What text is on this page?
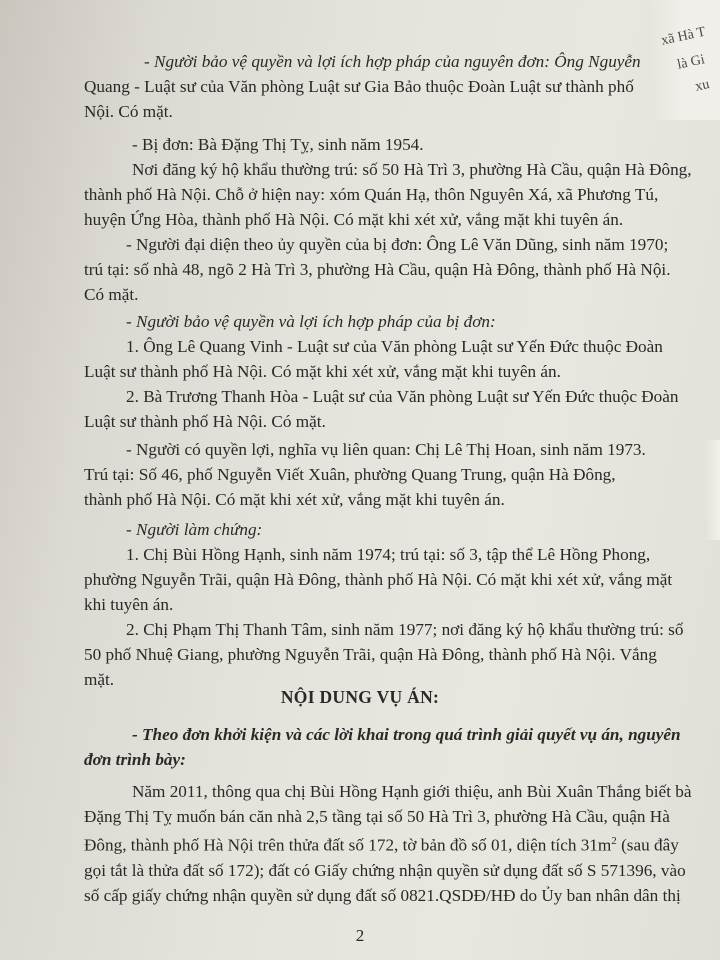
xã Hà T
là Gi
xu
- Người bảo vệ quyền và lợi ích hợp pháp của nguyên đơn: Ông Nguyễn
Quang - Luật sư của Văn phòng Luật sư Gia Bảo thuộc Đoàn Luật sư thành phố
Nội. Có mặt.
- Bị đơn: Bà Đặng Thị Tỵ, sinh năm 1954.
Nơi đăng ký hộ khẩu thường trú: số 50 Hà Trì 3, phường Hà Cầu, quận Hà Đông,
thành phố Hà Nội. Chỗ ở hiện nay: xóm Quán Hạ, thôn Nguyên Xá, xã Phương Tú,
huyện Ứng Hòa, thành phố Hà Nội. Có mặt khi xét xử, vắng mặt khi tuyên án.
- Người đại diện theo ủy quyền của bị đơn: Ông Lê Văn Dũng, sinh năm 1970;
trú tại: số nhà 48, ngõ 2 Hà Trì 3, phường Hà Cầu, quận Hà Đông, thành phố Hà Nội.
Có mặt.
- Người bảo vệ quyền và lợi ích hợp pháp của bị đơn:
1. Ông Lê Quang Vinh - Luật sư của Văn phòng Luật sư Yến Đức thuộc Đoàn
Luật sư thành phố Hà Nội. Có mặt khi xét xử, vắng mặt khi tuyên án.
2. Bà Trương Thanh Hòa - Luật sư của Văn phòng Luật sư Yến Đức thuộc Đoàn
Luật sư thành phố Hà Nội. Có mặt.
- Người có quyền lợi, nghĩa vụ liên quan: Chị Lê Thị Hoan, sinh năm 1973.
Trú tại: Số 46, phố Nguyễn Viết Xuân, phường Quang Trung, quận Hà Đông,
thành phố Hà Nội. Có mặt khi xét xử, vắng mặt khi tuyên án.
- Người làm chứng:
1. Chị Bùi Hồng Hạnh, sinh năm 1974; trú tại: số 3, tập thể Lê Hồng Phong,
phường Nguyễn Trãi, quận Hà Đông, thành phố Hà Nội. Có mặt khi xét xử, vắng mặt
khi tuyên án.
2. Chị Phạm Thị Thanh Tâm, sinh năm 1977; nơi đăng ký hộ khẩu thường trú: số
50 phố Nhuệ Giang, phường Nguyễn Trãi, quận Hà Đông, thành phố Hà Nội. Vắng
mặt.
NỘI DUNG VỤ ÁN:
- Theo đơn khởi kiện và các lời khai trong quá trình giải quyết vụ án, nguyên
đơn trình bày:
Năm 2011, thông qua chị Bùi Hồng Hạnh giới thiệu, anh Bùi Xuân Thắng biết bà
Đặng Thị Tỵ muốn bán căn nhà 2,5 tầng tại số 50 Hà Trì 3, phường Hà Cầu, quận Hà
Đông, thành phố Hà Nội trên thửa đất số 172, tờ bản đồ số 01, diện tích $31m^2$ (sau đây
gọi tắt là thửa đất số 172); đất có Giấy chứng nhận quyền sử dụng đất số S 571396, vào
số cấp giấy chứng nhận quyền sử dụng đất số 0821.QSDĐ/HĐ do Ủy ban nhân dân thị
2
